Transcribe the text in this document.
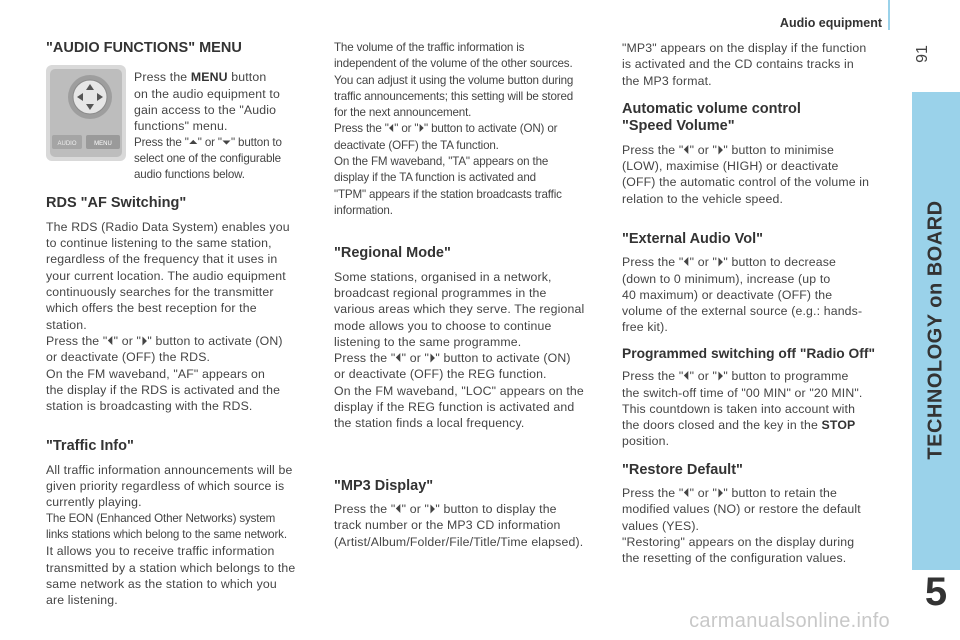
Audio equipment
91
TECHNOLOGY on BOARD
5
carmanualsonline.info
"AUDIO FUNCTIONS" MENU
AUDIO	MENU
Press the MENU button
on the audio equipment to
gain access to the "Audio
functions" menu.
Press the "⏶" or "⏷" button to
select one of the configurable
audio functions below.
RDS "AF Switching"
The RDS (Radio Data System) enables you
to continue listening to the same station,
regardless of the frequency that it uses in
your current location. The audio equipment
continuously searches for the transmitter
which offers the best reception for the
station.
Press the "⏴" or "⏵" button to activate (ON)
or deactivate (OFF) the RDS.
On the FM waveband, "AF" appears on
the display if the RDS is activated and the
station is broadcasting with the RDS.
"Traffic Info"
All traffic information announcements will be
given priority regardless of which source is
currently playing.
The EON (Enhanced Other Networks) system
links stations which belong to the same network.
It allows you to receive traffic information
transmitted by a station which belongs to the
same network as the station to which you
are listening.
The volume of the traffic information is
independent of the volume of the other sources.
You can adjust it using the volume button during
traffic announcements; this setting will be stored
for the next announcement.
Press the "⏴" or "⏵" button to activate (ON) or
deactivate (OFF) the TA function.
On the FM waveband, "TA" appears on the
display if the TA function is activated and
"TPM" appears if the station broadcasts traffic
information.
"Regional Mode"
Some stations, organised in a network,
broadcast regional programmes in the
various areas which they serve. The regional
mode allows you to choose to continue
listening to the same programme.
Press the "⏴" or "⏵" button to activate (ON)
or deactivate (OFF) the REG function.
On the FM waveband, "LOC" appears on the
display if the REG function is activated and
the station finds a local frequency.
"MP3 Display"
Press the "⏴" or "⏵" button to display the
track number or the MP3 CD information
(Artist/Album/Folder/File/Title/Time elapsed).
"MP3" appears on the display if the function
is activated and the CD contains tracks in
the MP3 format.
Automatic volume control
"Speed Volume"
Press the "⏴" or "⏵" button to minimise
(LOW), maximise (HIGH) or deactivate
(OFF) the automatic control of the volume in
relation to the vehicle speed.
"External Audio Vol"
Press the "⏴" or "⏵" button to decrease
(down to 0 minimum), increase (up to
40 maximum) or deactivate (OFF) the
volume of the external source (e.g.: hands-
free kit).
Programmed switching off "Radio Off"
Press the "⏴" or "⏵" button to programme
the switch-off time of "00 MIN" or "20 MIN".
This countdown is taken into account with
the doors closed and the key in the STOP
position.
"Restore Default"
Press the "⏴" or "⏵" button to retain the
modified values (NO) or restore the default
values (YES).
"Restoring" appears on the display during
the resetting of the configuration values.
